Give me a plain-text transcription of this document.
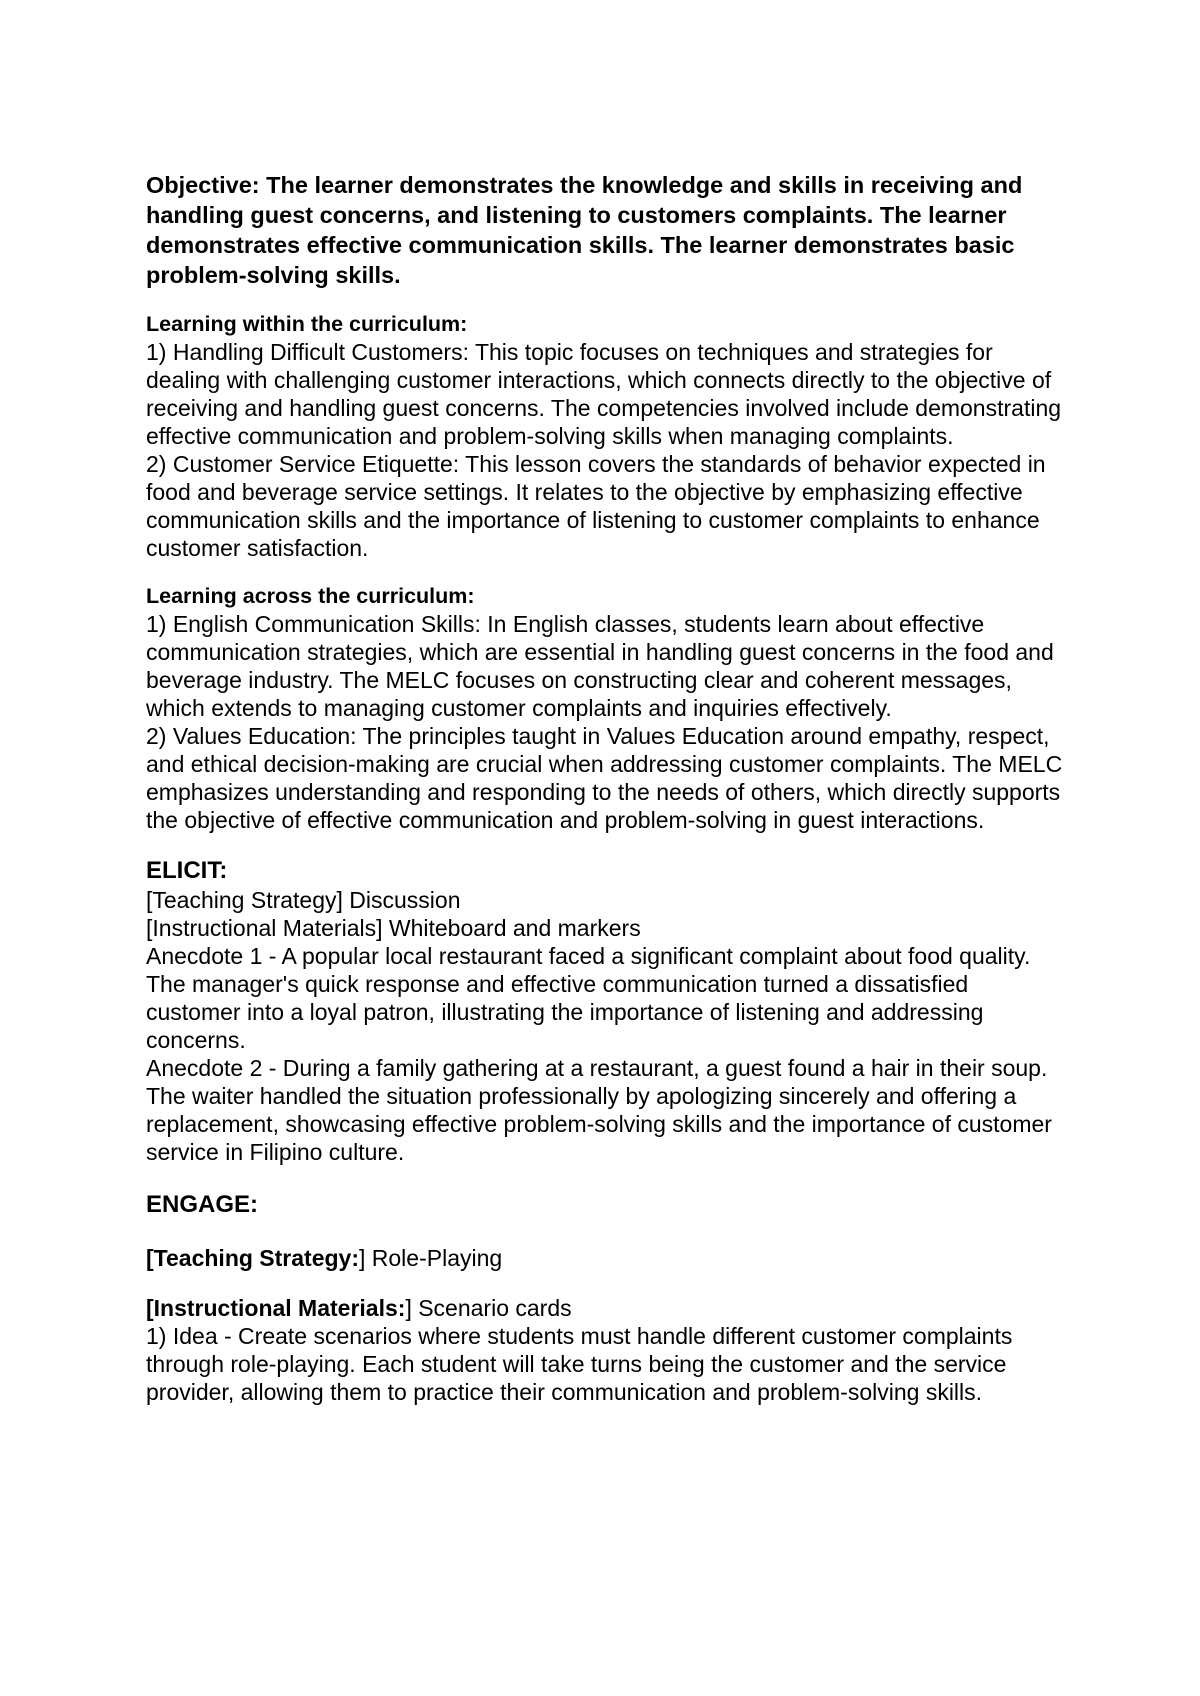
Objective: The learner demonstrates the knowledge and skills in receiving and handling guest concerns, and listening to customers complaints. The learner demonstrates effective communication skills. The learner demonstrates basic problem-solving skills.

Learning within the curriculum:

1) Handling Difficult Customers: This topic focuses on techniques and strategies for dealing with challenging customer interactions, which connects directly to the objective of receiving and handling guest concerns. The competencies involved include demonstrating effective communication and problem-solving skills when managing complaints.

2) Customer Service Etiquette: This lesson covers the standards of behavior expected in food and beverage service settings. It relates to the objective by emphasizing effective communication skills and the importance of listening to customer complaints to enhance customer satisfaction.

Learning across the curriculum:

1) English Communication Skills: In English classes, students learn about effective communication strategies, which are essential in handling guest concerns in the food and beverage industry. The MELC focuses on constructing clear and coherent messages, which extends to managing customer complaints and inquiries effectively.

2) Values Education: The principles taught in Values Education around empathy, respect, and ethical decision-making are crucial when addressing customer complaints. The MELC emphasizes understanding and responding to the needs of others, which directly supports the objective of effective communication and problem-solving in guest interactions.

ELICIT:

[Teaching Strategy] Discussion

[Instructional Materials] Whiteboard and markers

Anecdote 1 - A popular local restaurant faced a significant complaint about food quality. The manager's quick response and effective communication turned a dissatisfied customer into a loyal patron, illustrating the importance of listening and addressing concerns.

Anecdote 2 - During a family gathering at a restaurant, a guest found a hair in their soup. The waiter handled the situation professionally by apologizing sincerely and offering a replacement, showcasing effective problem-solving skills and the importance of customer service in Filipino culture.

ENGAGE:

[Teaching Strategy:] Role-Playing

[Instructional Materials:] Scenario cards

1) Idea - Create scenarios where students must handle different customer complaints through role-playing. Each student will take turns being the customer and the service provider, allowing them to practice their communication and problem-solving skills.
